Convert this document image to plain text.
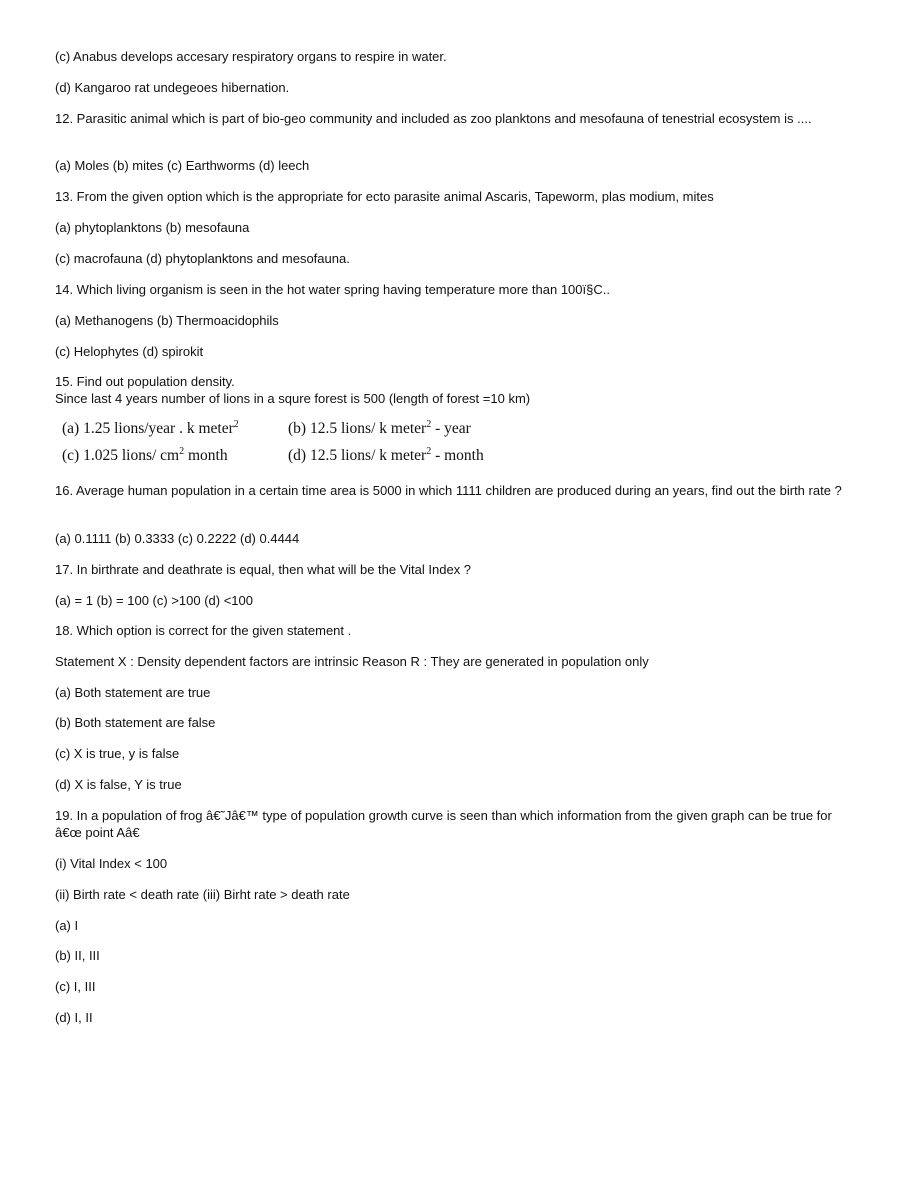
(c) Anabus develops accesary respiratory organs to respire in water.
(d) Kangaroo rat undegeoes hibernation.
12. Parasitic animal which is part of bio-geo community and included as zoo planktons and mesofauna of tenestrial ecosystem is ....
(a) Moles (b) mites (c) Earthworms (d) leech
13. From the given option which is the appropriate for ecto parasite animal Ascaris, Tapeworm, plas modium, mites
(a) phytoplanktons (b) mesofauna
(c) macrofauna (d) phytoplanktons and mesofauna.
14. Which living organism is seen in the hot water spring having temperature more than 100ï§C..
(a) Methanogens (b) Thermoacidophils
(c) Helophytes (d) spirokit
15. Find out population density.
Since last 4 years number of lions in a squre forest is 500 (length of forest =10 km)
(a) 1.25 lions/year . k meter$^2$	(b) 12.5 lions/ k meter$^2$ - year
(c) 1.025 lions/ $cm^2$ month	(d) 12.5 lions/ k meter$^2$ - month
16. Average human population in a certain time area is 5000 in which 1111 children are produced during an years, find out the birth rate ?
(a) 0.1111 (b) 0.3333 (c) 0.2222 (d) 0.4444
17. In birthrate and deathrate is equal, then what will be the Vital Index ?
(a) = 1 (b) = 100 (c) >100 (d) <100
18. Which option is correct for the given statement .
Statement X : Density dependent factors are intrinsic Reason R : They are generated in population only
(a) Both statement are true
(b) Both statement are false
(c) X is true, y is false
(d) X is false, Y is true
19. In a population of frog â€˜Jâ€™ type of population growth curve is seen than which information from the given graph can be true for â€œ point Aâ€
(i) Vital Index < 100
(ii) Birth rate < death rate (iii) Birht rate > death rate
(a) I
(b) II, III
(c) I, III
(d) I, II
